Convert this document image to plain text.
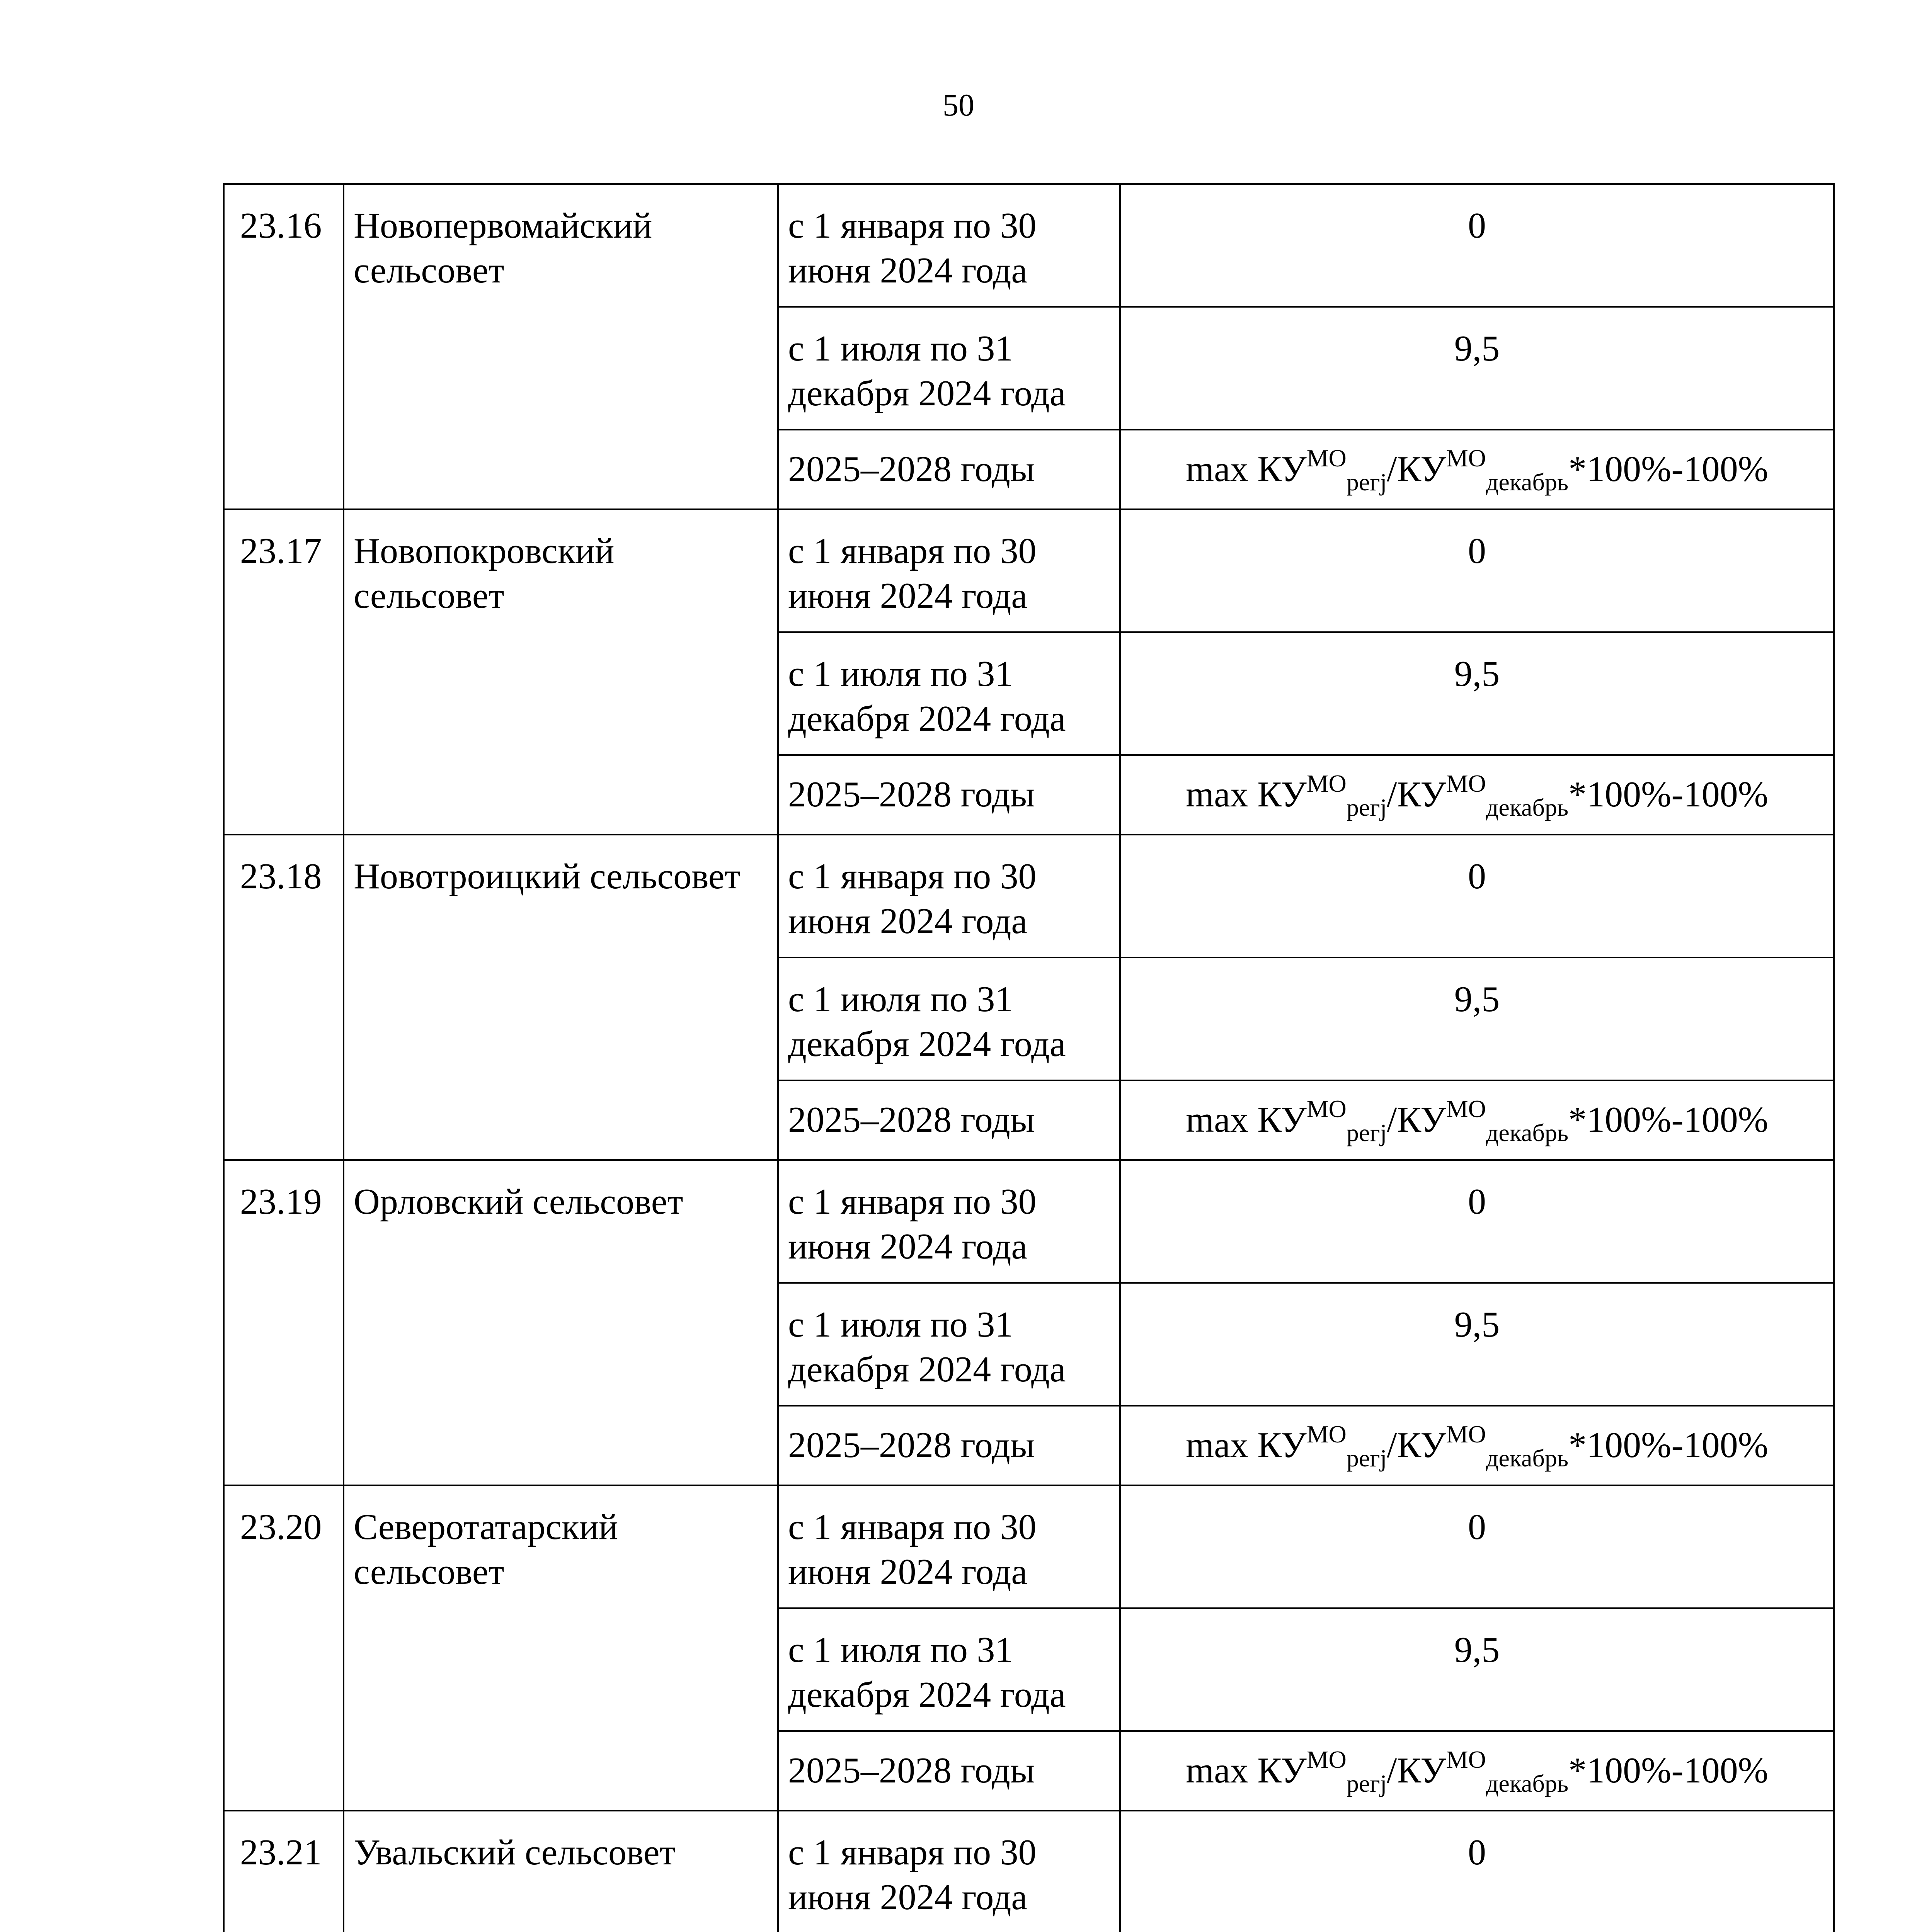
50
23.16	Новопервомайский сельсовет	с 1 января по 30 июня 2024 года	0
		с 1 июля по 31 декабря 2024 года	9,5
		2025–2028 годы	$\max КУ^{МО}_{регj}/КУ^{МО}_{декабрь}*100\%-100\%$
23.17	Новопокровский сельсовет	с 1 января по 30 июня 2024 года	0
		с 1 июля по 31 декабря 2024 года	9,5
		2025–2028 годы	$\max КУ^{МО}_{регj}/КУ^{МО}_{декабрь}*100\%-100\%$
23.18	Новотроицкий сельсовет	с 1 января по 30 июня 2024 года	0
		с 1 июля по 31 декабря 2024 года	9,5
		2025–2028 годы	$\max КУ^{МО}_{регj}/КУ^{МО}_{декабрь}*100\%-100\%$
23.19	Орловский сельсовет	с 1 января по 30 июня 2024 года	0
		с 1 июля по 31 декабря 2024 года	9,5
		2025–2028 годы	$\max КУ^{МО}_{регj}/КУ^{МО}_{декабрь}*100\%-100\%$
23.20	Северотатарский сельсовет	с 1 января по 30 июня 2024 года	0
		с 1 июля по 31 декабря 2024 года	9,5
		2025–2028 годы	$\max КУ^{МО}_{регj}/КУ^{МО}_{декабрь}*100\%-100\%$
23.21	Увальский сельсовет	с 1 января по 30 июня 2024 года	0
